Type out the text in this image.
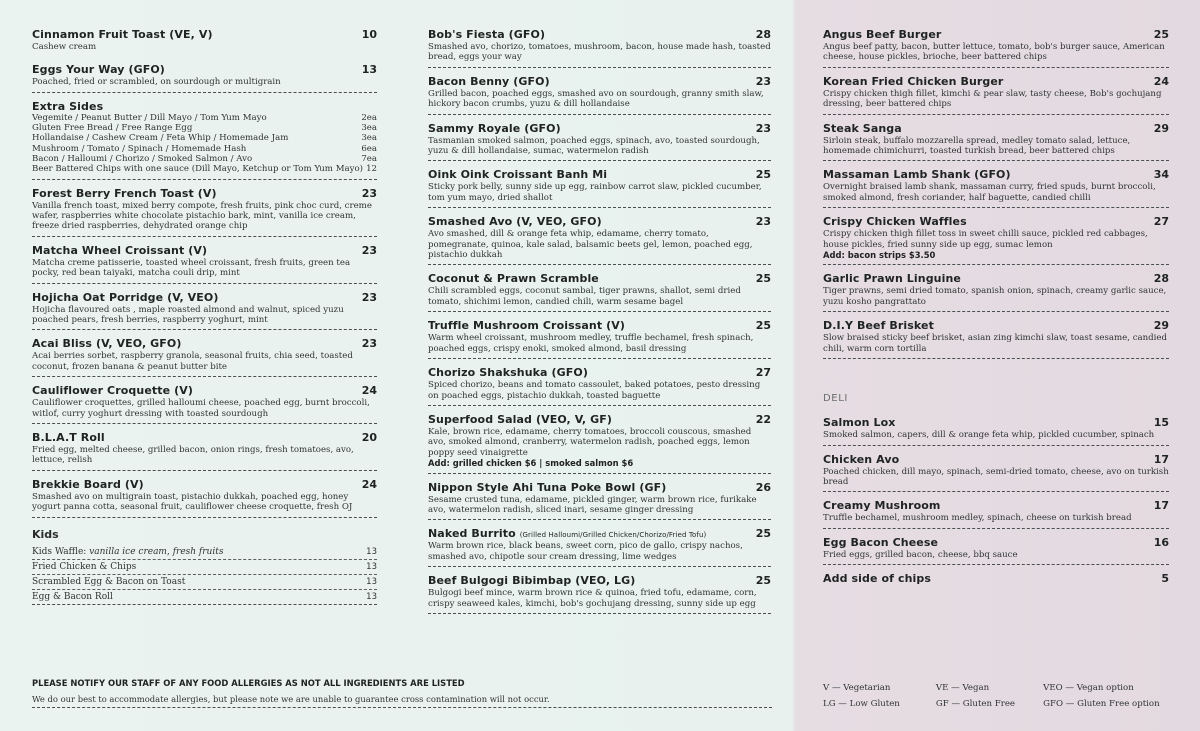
Cinnamon Fruit Toast (VE, V)	10
Cashew cream
Eggs Your Way (GFO)	13
Poached, fried or scrambled, on sourdough or multigrain
Extra Sides
Vegemite / Peanut Butter / Dill Mayo / Tom Yum Mayo	2ea
Gluten Free Bread / Free Range Egg	3ea
Hollandaise / Cashew Cream / Feta Whip / Homemade Jam	3ea
Mushroom / Tomato / Spinach / Homemade Hash	6ea
Bacon / Halloumi / Chorizo / Smoked Salmon / Avo	7ea
Beer Battered Chips with one sauce (Dill Mayo, Ketchup or Tom Yum Mayo) 12
Forest Berry French Toast (V)	23
Vanilla french toast, mixed berry compote, fresh fruits, pink choc curd, creme wafer, raspberries white chocolate pistachio bark, mint, vanilla ice cream, freeze dried raspberries, dehydrated orange chip
Matcha Wheel Croissant (V)	23
Matcha creme patisserie, toasted wheel croissant, fresh fruits, green tea pocky, red bean taiyaki, matcha couli drip, mint
Hojicha Oat Porridge (V, VEO)	23
Hojicha flavoured oats , maple roasted almond and walnut, spiced yuzu poached pears, fresh berries, raspberry yoghurt, mint
Acai Bliss (V, VEO, GFO)	23
Acai berries sorbet, raspberry granola, seasonal fruits, chia seed, toasted coconut, frozen banana & peanut butter bite
Cauliflower Croquette (V)	24
Cauliflower croquettes, grilled halloumi cheese, poached egg, burnt broccoli, witlof, curry yoghurt dressing with toasted sourdough
B.L.A.T Roll	20
Fried egg, melted cheese, grilled bacon, onion rings, fresh tomatoes, avo, lettuce, relish
Brekkie Board (V)	24
Smashed avo on multigrain toast, pistachio dukkah, poached egg, honey yogurt panna cotta, seasonal fruit, cauliflower cheese croquette, fresh OJ
Kids
Kids Waffle: vanilla ice cream, fresh fruits	13
Fried Chicken & Chips	13
Scrambled Egg & Bacon on Toast	13
Egg & Bacon Roll	13
Bob's Fiesta (GFO)	28
Smashed avo, chorizo, tomatoes, mushroom, bacon, house made hash, toasted bread, eggs your way
Bacon Benny (GFO)	23
Grilled bacon, poached eggs, smashed avo on sourdough, granny smith slaw, hickory bacon crumbs, yuzu & dill hollandaise
Sammy Royale (GFO)	23
Tasmanian smoked salmon, poached eggs, spinach, avo, toasted sourdough, yuzu & dill hollandaise, sumac, watermelon radish
Oink Oink Croissant Banh Mi	25
Sticky pork belly, sunny side up egg, rainbow carrot slaw, pickled cucumber, tom yum mayo, dried shallot
Smashed Avo (V, VEO, GFO)	23
Avo smashed, dill & orange feta whip, edamame, cherry tomato, pomegranate, quinoa, kale salad, balsamic beets gel, lemon, poached egg, pistachio dukkah
Coconut & Prawn Scramble	25
Chili scrambled eggs, coconut sambal, tiger prawns, shallot, semi dried tomato, shichimi lemon, candied chili, warm sesame bagel
Truffle Mushroom Croissant (V)	25
Warm wheel croissant, mushroom medley, truffle bechamel, fresh spinach, poached eggs, crispy enoki, smoked almond, basil dressing
Chorizo Shakshuka (GFO)	27
Spiced chorizo, beans and tomato cassoulet, baked potatoes, pesto dressing on poached eggs, pistachio dukkah, toasted baguette
Superfood Salad (VEO, V, GF)	22
Kale, brown rice, edamame, cherry tomatoes, broccoli couscous, smashed avo, smoked almond, cranberry, watermelon radish, poached eggs, lemon poppy seed vinaigrette
Add: grilled chicken $6 | smoked salmon $6
Nippon Style Ahi Tuna Poke Bowl (GF)	26
Sesame crusted tuna, edamame, pickled ginger, warm brown rice, furikake avo, watermelon radish, sliced inari, sesame ginger dressing
Naked Burrito (Grilled Halloumi/Grilled Chicken/Chorizo/Fried Tofu)	25
Warm brown rice, black beans, sweet corn, pico de gallo, crispy nachos, smashed avo, chipotle sour cream dressing, lime wedges
Beef Bulgogi Bibimbap (VEO, LG)	25
Bulgogi beef mince, warm brown rice & quinoa, fried tofu, edamame, corn, crispy seaweed kales, kimchi, bob's gochujang dressing, sunny side up egg
Angus Beef Burger	25
Angus beef patty, bacon, butter lettuce, tomato, bob's burger sauce, American cheese, house pickles, brioche, beer battered chips
Korean Fried Chicken Burger	24
Crispy chicken thigh fillet, kimchi & pear slaw, tasty cheese, Bob's gochujang dressing, beer battered chips
Steak Sanga	29
Sirloin steak, buffalo mozzarella spread, medley tomato salad, lettuce, homemade chimichurri, toasted turkish bread, beer battered chips
Massaman Lamb Shank (GFO)	34
Overnight braised lamb shank, massaman curry, fried spuds, burnt broccoli, smoked almond, fresh coriander, half baguette, candied chilli
Crispy Chicken Waffles	27
Crispy chicken thigh fillet toss in sweet chilli sauce, pickled red cabbages, house pickles, fried sunny side up egg, sumac lemon
Add: bacon strips $3.50
Garlic Prawn Linguine	28
Tiger prawns, semi dried tomato, spanish onion, spinach, creamy garlic sauce, yuzu kosho pangrattato
D.I.Y Beef Brisket	29
Slow braised sticky beef brisket, asian zing kimchi slaw, toast sesame, candied chili, warm corn tortilla
DELI
Salmon Lox	15
Smoked salmon, capers, dill & orange feta whip, pickled cucumber, spinach
Chicken Avo	17
Poached chicken, dill mayo, spinach, semi-dried tomato, cheese, avo on turkish bread
Creamy Mushroom	17
Truffle bechamel, mushroom medley, spinach, cheese on turkish bread
Egg Bacon Cheese	16
Fried eggs, grilled bacon, cheese, bbq sauce
Add side of chips	5
PLEASE NOTIFY OUR STAFF OF ANY FOOD ALLERGIES AS NOT ALL INGREDIENTS ARE LISTED
We do our best to accommodate allergies, but please note we are unable to guarantee cross contamination will not occur.
V — Vegetarian	VE — Vegan	VEO — Vegan option
LG — Low Gluten	GF — Gluten Free	GFO — Gluten Free option
